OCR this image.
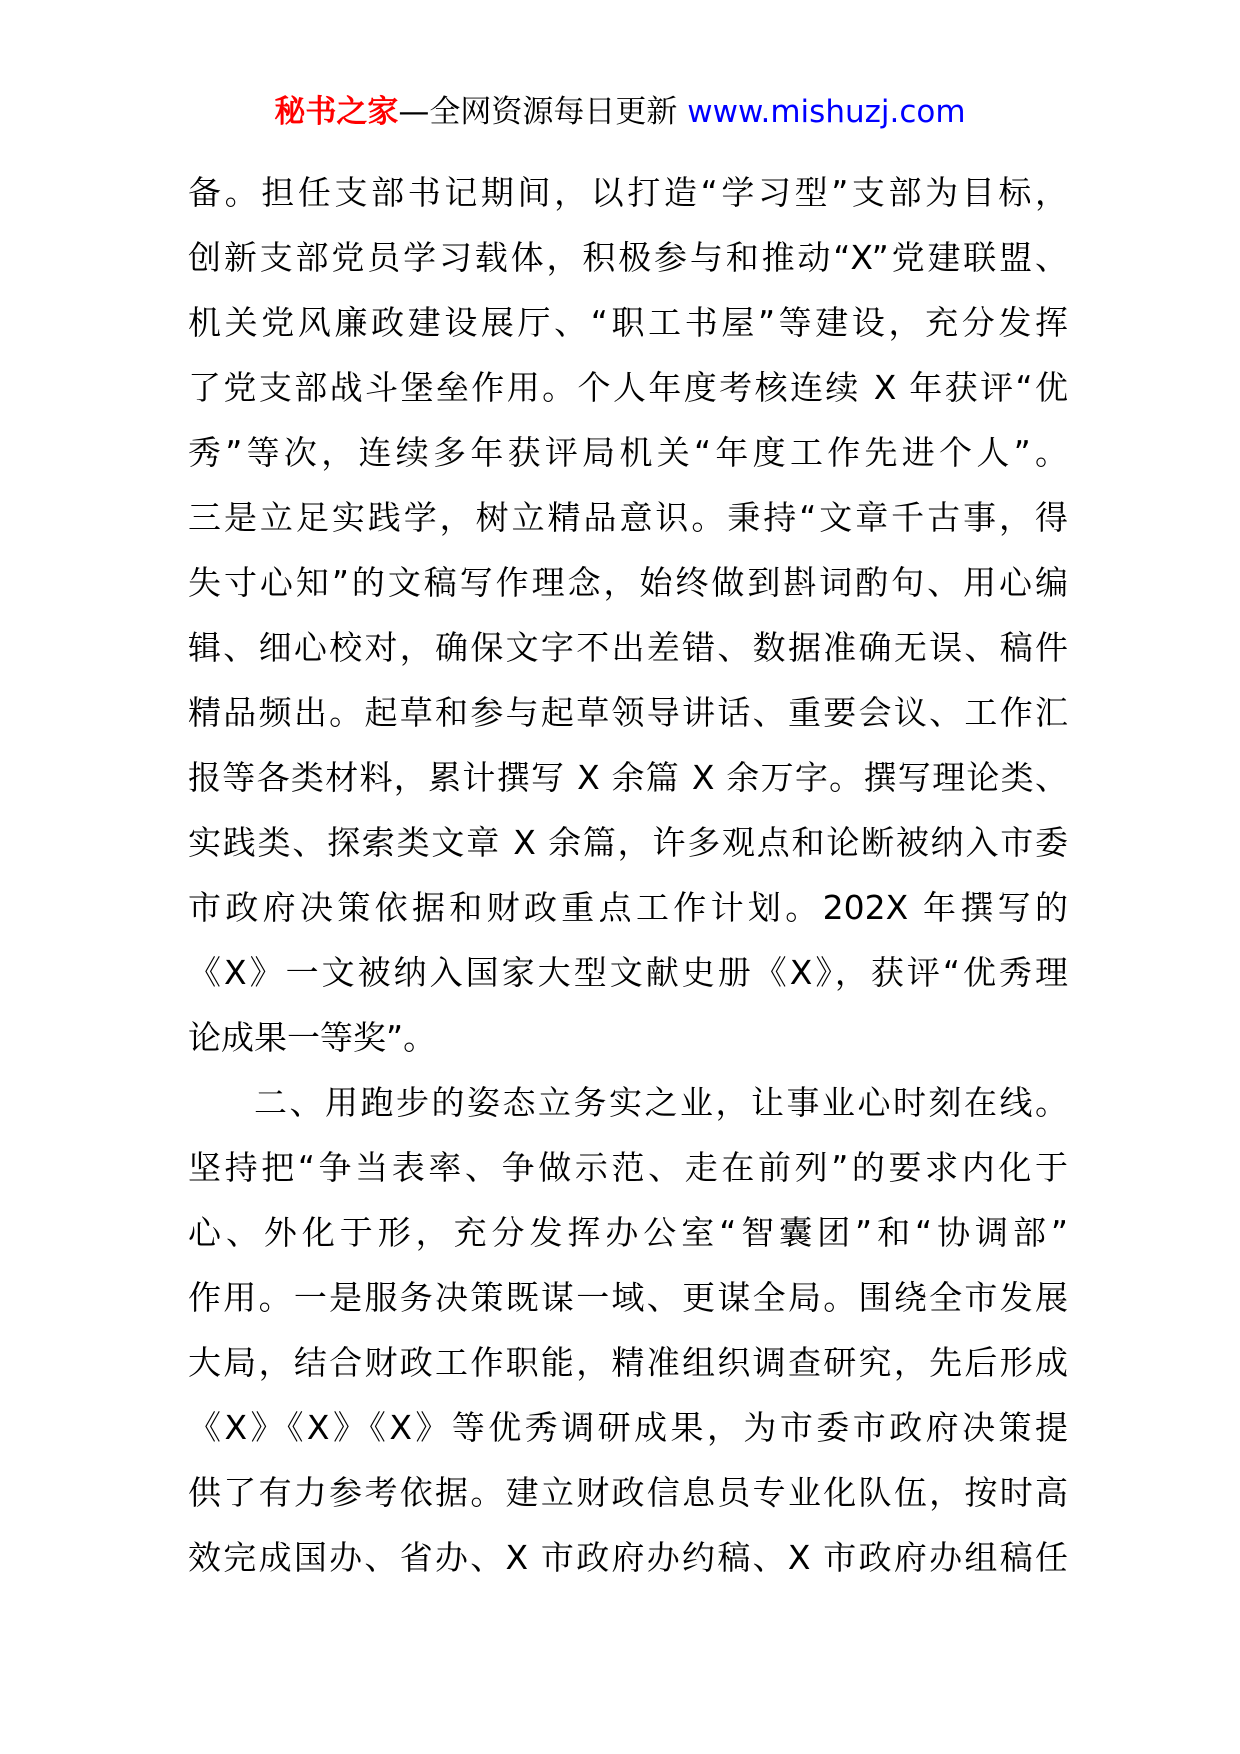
秘书之家—全网资源每日更新 www.mishuzj.com
备。担任支部书记期间，以打造“学习型”支部为目标，
创新支部党员学习载体，积极参与和推动“X”党建联盟、
机关党风廉政建设展厅、“职工书屋”等建设，充分发挥
了党支部战斗堡垒作用。个人年度考核连续 X 年获评“优
秀”等次，连续多年获评局机关“年度工作先进个人”。
三是立足实践学，树立精品意识。秉持“文章千古事，得
失寸心知”的文稿写作理念，始终做到斟词酌句、用心编
辑、细心校对，确保文字不出差错、数据准确无误、稿件
精品频出。起草和参与起草领导讲话、重要会议、工作汇
报等各类材料，累计撰写 X 余篇 X 余万字。撰写理论类、
实践类、探索类文章 X 余篇，许多观点和论断被纳入市委
市政府决策依据和财政重点工作计划。202X 年撰写的
《X》一文被纳入国家大型文献史册《X》，获评“优秀理
论成果一等奖”。
二、用跑步的姿态立务实之业，让事业心时刻在线。
坚持把“争当表率、争做示范、走在前列”的要求内化于
心、外化于形，充分发挥办公室“智囊团”和“协调部”
作用。一是服务决策既谋一域、更谋全局。围绕全市发展
大局，结合财政工作职能，精准组织调查研究，先后形成
《X》《X》《X》等优秀调研成果，为市委市政府决策提
供了有力参考依据。建立财政信息员专业化队伍，按时高
效完成国办、省办、X 市政府办约稿、X 市政府办组稿任
